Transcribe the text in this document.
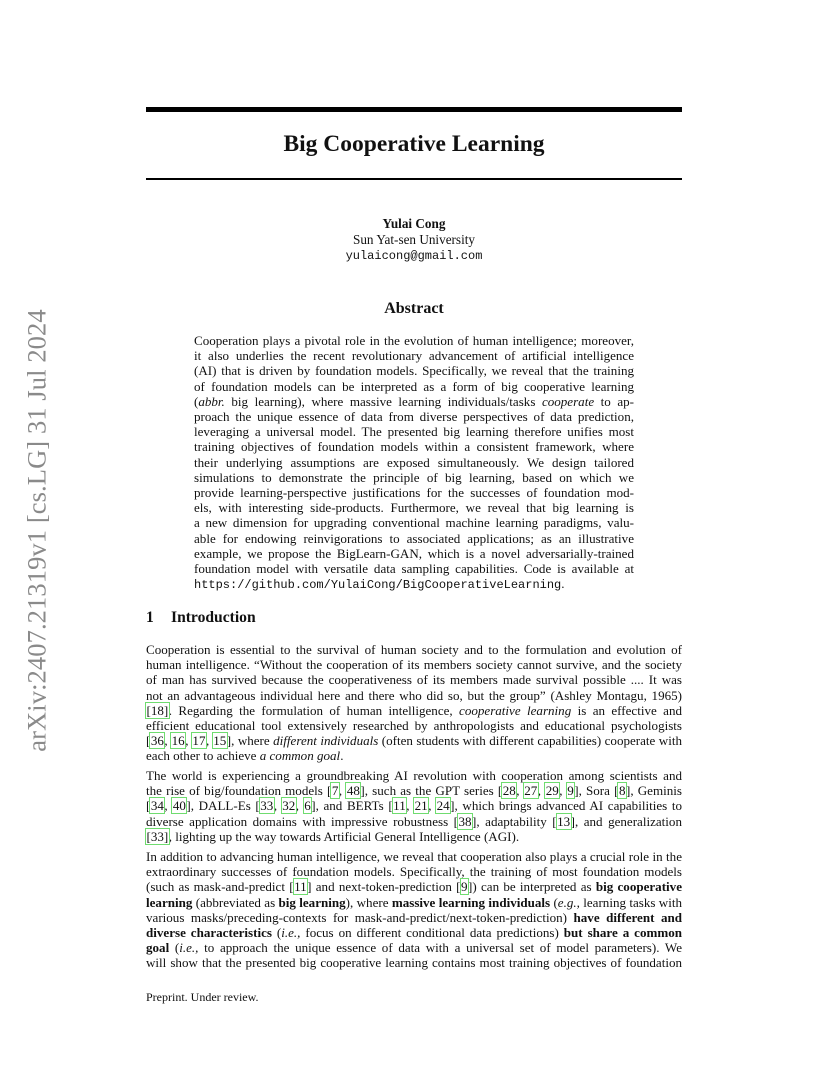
arXiv:2407.21319v1 [cs.LG] 31 Jul 2024
Big Cooperative Learning
Yulai Cong
Sun Yat-sen University
yulaicong@gmail.com
Abstract
Cooperation plays a pivotal role in the evolution of human intelligence; moreover,
it also underlies the recent revolutionary advancement of artificial intelligence
(AI) that is driven by foundation models. Specifically, we reveal that the training
of foundation models can be interpreted as a form of big cooperative learning
(abbr. big learning), where massive learning individuals/tasks cooperate to ap-
proach the unique essence of data from diverse perspectives of data prediction,
leveraging a universal model. The presented big learning therefore unifies most
training objectives of foundation models within a consistent framework, where
their underlying assumptions are exposed simultaneously. We design tailored
simulations to demonstrate the principle of big learning, based on which we
provide learning-perspective justifications for the successes of foundation mod-
els, with interesting side-products. Furthermore, we reveal that big learning is
a new dimension for upgrading conventional machine learning paradigms, valu-
able for endowing reinvigorations to associated applications; as an illustrative
example, we propose the BigLearn-GAN, which is a novel adversarially-trained
foundation model with versatile data sampling capabilities. Code is available at
https://github.com/YulaiCong/BigCooperativeLearning.
1 Introduction
Cooperation is essential to the survival of human society and to the formulation and evolution of
human intelligence. “Without the cooperation of its members society cannot survive, and the society
of man has survived because the cooperativeness of its members made survival possible .... It was
not an advantageous individual here and there who did so, but the group” (Ashley Montagu, 1965)
[18]. Regarding the formulation of human intelligence, cooperative learning is an effective and
efficient educational tool extensively researched by anthropologists and educational psychologists
[36, 16, 17, 15], where different individuals (often students with different capabilities) cooperate with
each other to achieve a common goal.
The world is experiencing a groundbreaking AI revolution with cooperation among scientists and
the rise of big/foundation models [7, 48], such as the GPT series [28, 27, 29, 9], Sora [8], Geminis
[34, 40], DALL-Es [33, 32, 6], and BERTs [11, 21, 24], which brings advanced AI capabilities to
diverse application domains with impressive robustness [38], adaptability [13], and generalization
[33], lighting up the way towards Artificial General Intelligence (AGI).
In addition to advancing human intelligence, we reveal that cooperation also plays a crucial role in the
extraordinary successes of foundation models. Specifically, the training of most foundation models
(such as mask-and-predict [11] and next-token-prediction [9]) can be interpreted as big cooperative
learning (abbreviated as big learning), where massive learning individuals (e.g., learning tasks with
various masks/preceding-contexts for mask-and-predict/next-token-prediction) have different and
diverse characteristics (i.e., focus on different conditional data predictions) but share a common
goal (i.e., to approach the unique essence of data with a universal set of model parameters). We
will show that the presented big cooperative learning contains most training objectives of foundation
Preprint. Under review.
